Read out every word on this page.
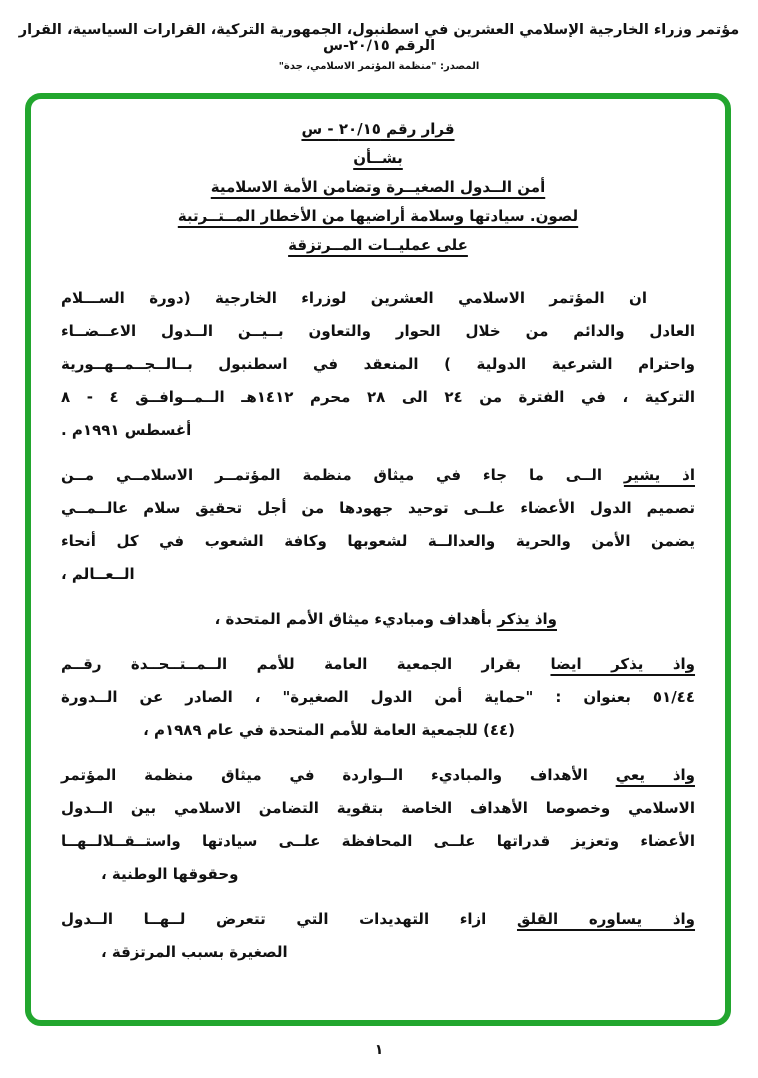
مؤتمر وزراء الخارجية الإسلامي العشرين في اسطنبول، الجمهورية التركية، القرارات السياسية، القرار الرقم ٢٠/١٥-س
المصدر: "منظمة المؤتمر الاسلامي، جدة"
قرار رقم ٢٠/١٥ - س
بشــأن
أمن الــدول الصغيــرة وتضامن الأمة الاسلامية
لصون. سيادتها وسلامة أراضيها من الأخطار المــتــرتبة
على عمليــات المــرتزقة
ان المؤتمر الاسلامي العشرين لوزراء الخارجية (دورة الســـلام
العادل والدائم من خلال الحوار والتعاون بــيــن الــدول الاعــضــاء
واحترام الشرعية الدولية ) المنعقد في اسطنبول بــالــجــمــهــورية
التركية ، في الفترة من ٢٤ الى ٢٨ محرم ١٤١٢هـ الــمــوافــق ٤ - ٨
أغسطس ١٩٩١م .
اذ يشير الــى ما جاء في ميثاق منظمة المؤتمــر الاسلامــي مــن
تصميم الدول الأعضاء علــى توحيد جهودها من أجل تحقيق سلام عالــمــي
يضمن الأمن والحرية والعدالــة لشعوبها وكافة الشعوب في كل أنحاء
الــعــالم ،
واذ يذكر بأهداف ومباديء ميثاق الأمم المتحدة ،
واذ يذكر ايضا بقرار الجمعية العامة للأمم الــمــتــحــدة رقــم
٥١/٤٤ بعنوان : "حماية أمن الدول الصغيرة" ، الصادر عن الــدورة
(٤٤) للجمعية العامة للأمم المتحدة في عام ١٩٨٩م ،
واذ يعي الأهداف والمباديء الــواردة في ميثاق منظمة المؤتمر
الاسلامي وخصوصا الأهداف الخاصة بتقوية التضامن الاسلامي بين الــدول
الأعضاء وتعزيز قدراتها علــى المحافظة علــى سيادتها واستــقــلالــهــا
وحقوقها الوطنية ،
واذ يساوره القلق ازاء التهديدات التي تتعرض لــهــا الــدول
الصغيرة بسبب المرتزقة ،
١
